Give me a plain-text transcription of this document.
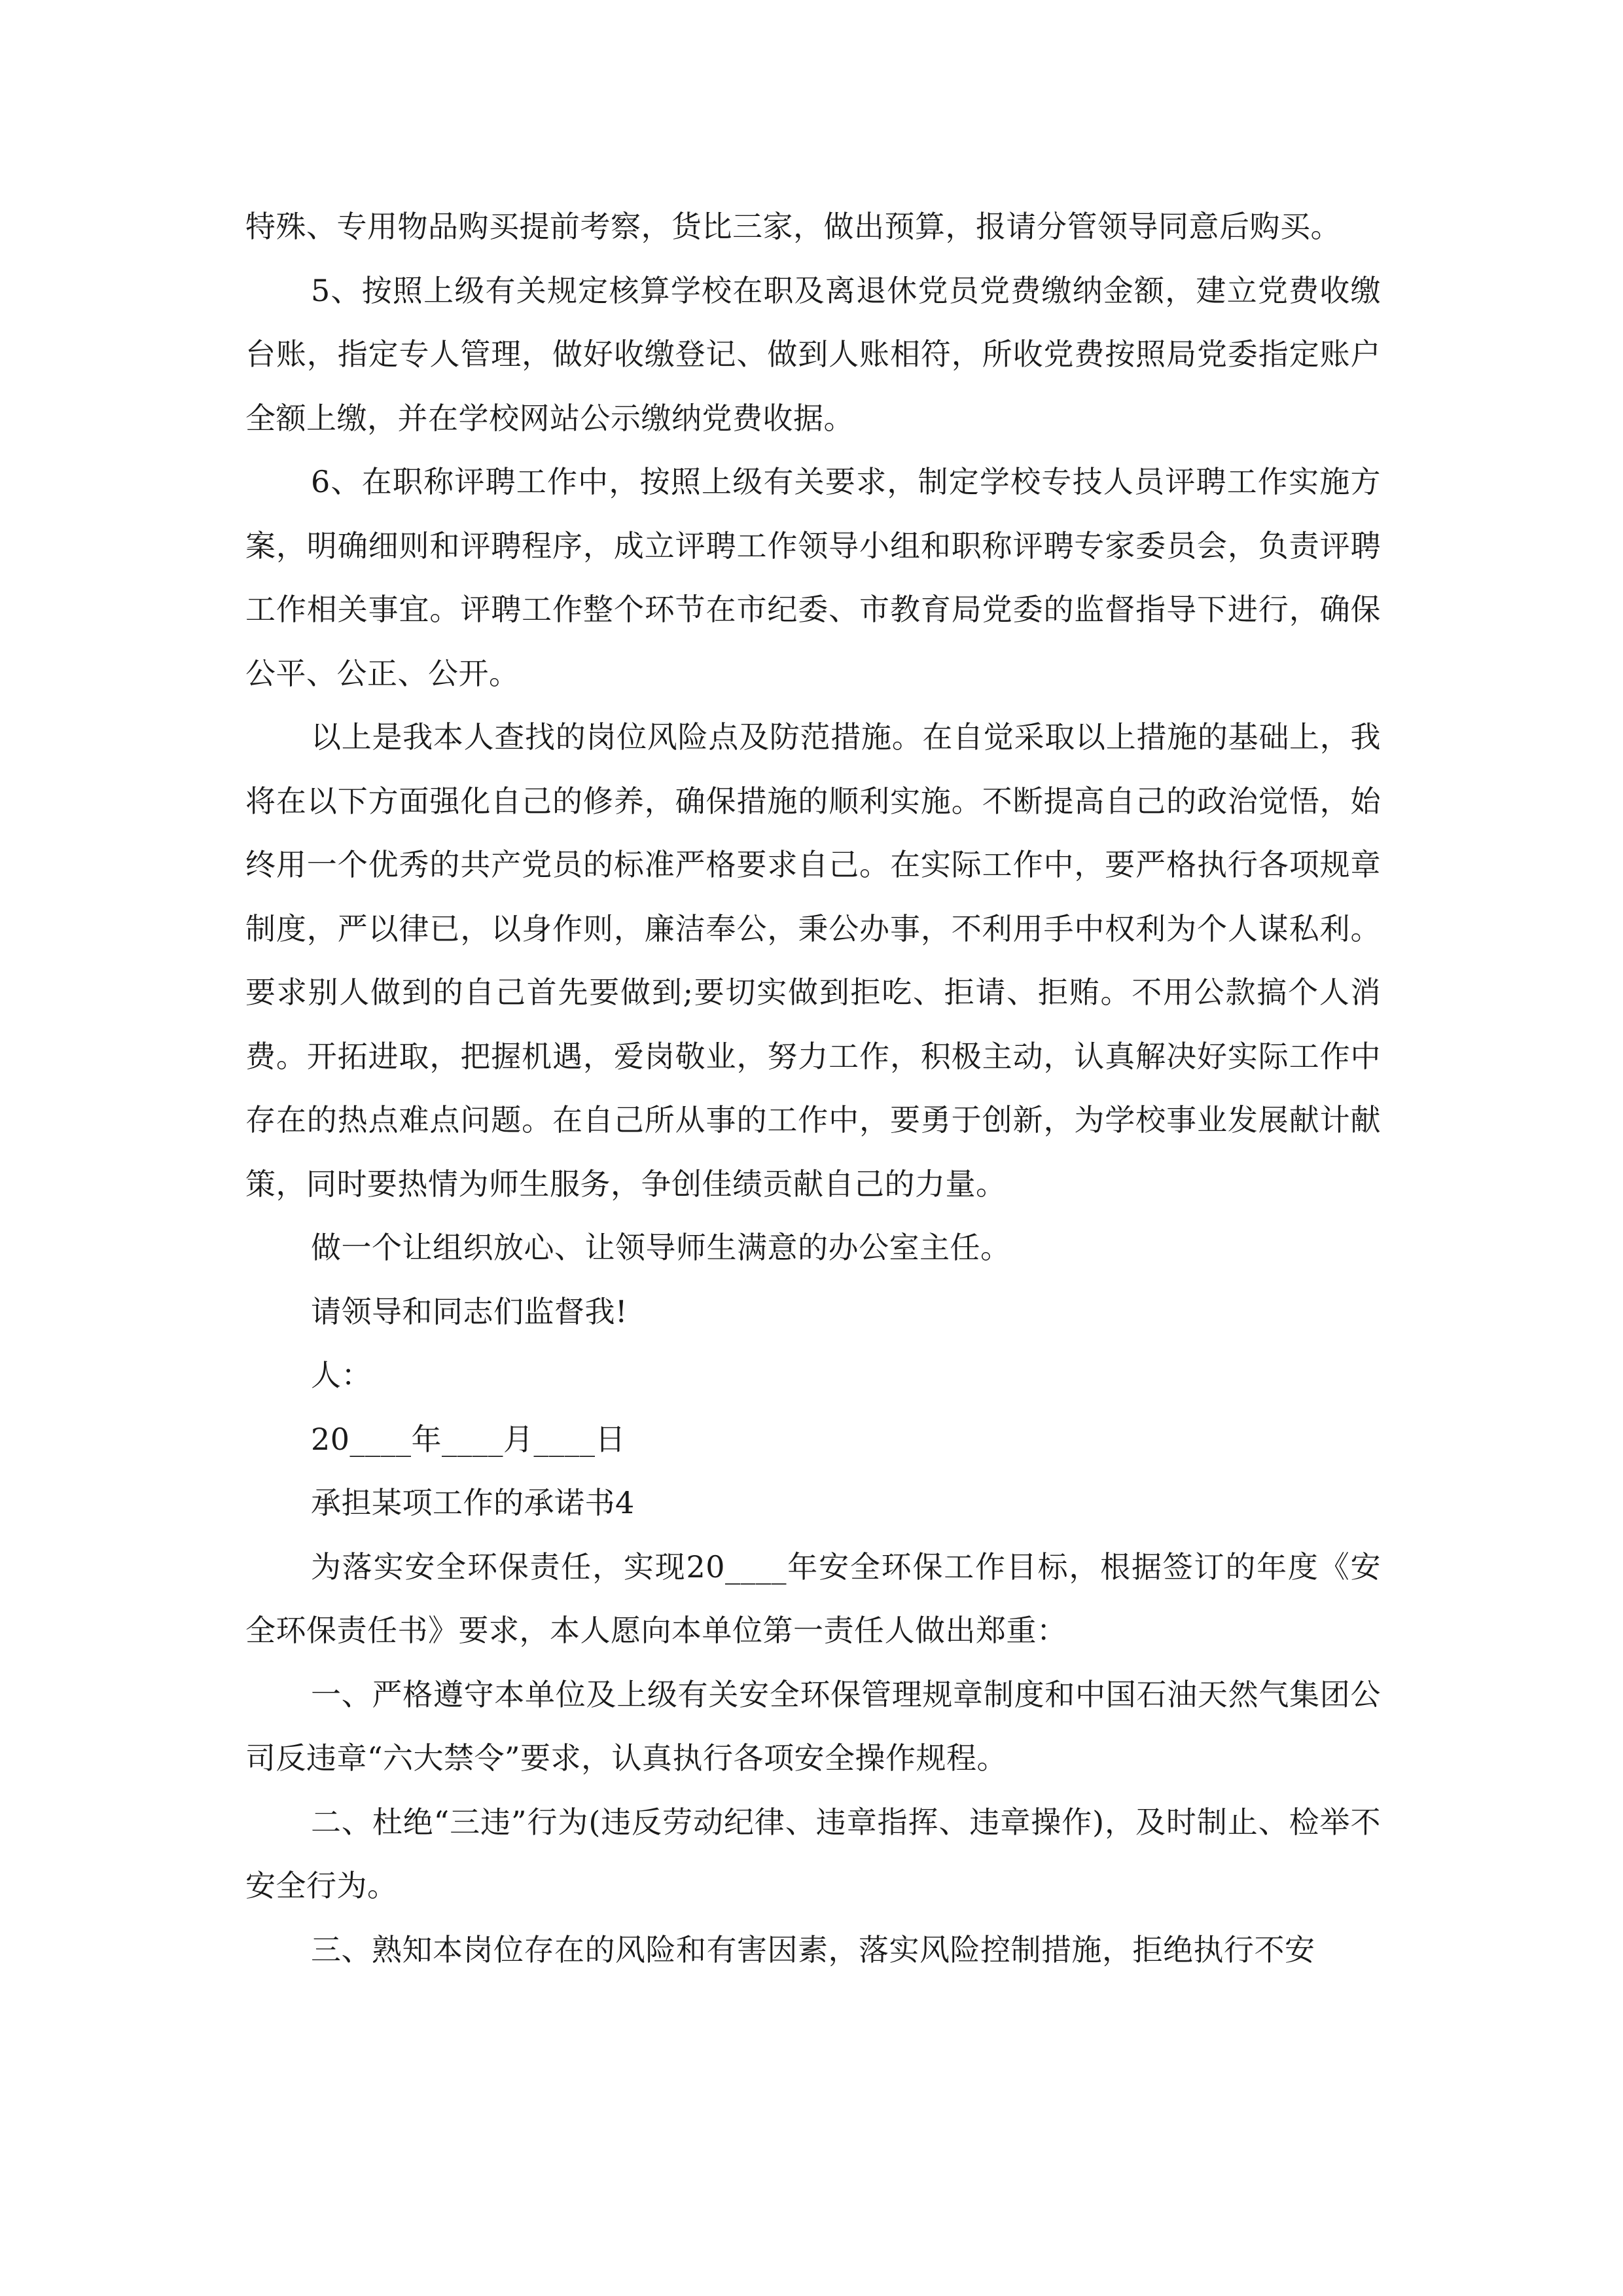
特殊、专用物品购买提前考察，货比三家，做出预算，报请分管领导同意后购买。

5、按照上级有关规定核算学校在职及离退休党员党费缴纳金额，建立党费收缴台账，指定专人管理，做好收缴登记、做到人账相符，所收党费按照局党委指定账户全额上缴，并在学校网站公示缴纳党费收据。

6、在职称评聘工作中，按照上级有关要求，制定学校专技人员评聘工作实施方案，明确细则和评聘程序，成立评聘工作领导小组和职称评聘专家委员会，负责评聘工作相关事宜。评聘工作整个环节在市纪委、市教育局党委的监督指导下进行，确保公平、公正、公开。

以上是我本人查找的岗位风险点及防范措施。在自觉采取以上措施的基础上，我将在以下方面强化自己的修养，确保措施的顺利实施。不断提高自己的政治觉悟，始终用一个优秀的共产党员的标准严格要求自己。在实际工作中，要严格执行各项规章制度，严以律已，以身作则，廉洁奉公，秉公办事，不利用手中权利为个人谋私利。要求别人做到的自己首先要做到;要切实做到拒吃、拒请、拒贿。不用公款搞个人消费。开拓进取，把握机遇，爱岗敬业，努力工作，积极主动，认真解决好实际工作中存在的热点难点问题。在自己所从事的工作中，要勇于创新，为学校事业发展献计献策，同时要热情为师生服务，争创佳绩贡献自己的力量。

做一个让组织放心、让领导师生满意的办公室主任。

请领导和同志们监督我!

人：

20____年____月____日

承担某项工作的承诺书4

为落实安全环保责任，实现20____年安全环保工作目标，根据签订的年度《安全环保责任书》要求，本人愿向本单位第一责任人做出郑重：

一、严格遵守本单位及上级有关安全环保管理规章制度和中国石油天然气集团公司反违章“六大禁令”要求，认真执行各项安全操作规程。

二、杜绝“三违”行为(违反劳动纪律、违章指挥、违章操作)，及时制止、检举不安全行为。

三、熟知本岗位存在的风险和有害因素，落实风险控制措施，拒绝执行不安
